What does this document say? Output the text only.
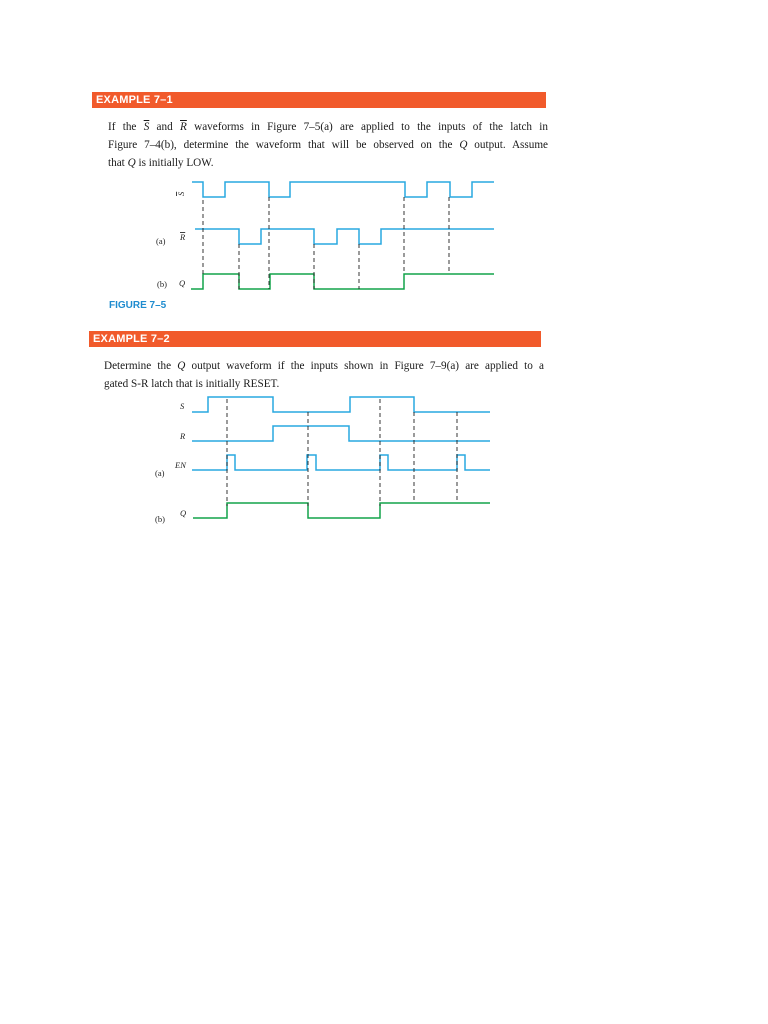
EXAMPLE 7–1

If the $\overline{S}$ and $\overline{R}$ waveforms in Figure 7–5(a) are applied to the inputs of the latch in
Figure 7–4(b), determine the waveform that will be observed on the Q output. Assume
that Q is initially LOW.

S
(a) R
(b) Q
FIGURE 7–5
EXAMPLE 7–2

Determine the Q output waveform if the inputs shown in Figure 7–9(a) are applied to a
gated S-R latch that is initially RESET.

S
R
EN
(a)
Q
(b)
